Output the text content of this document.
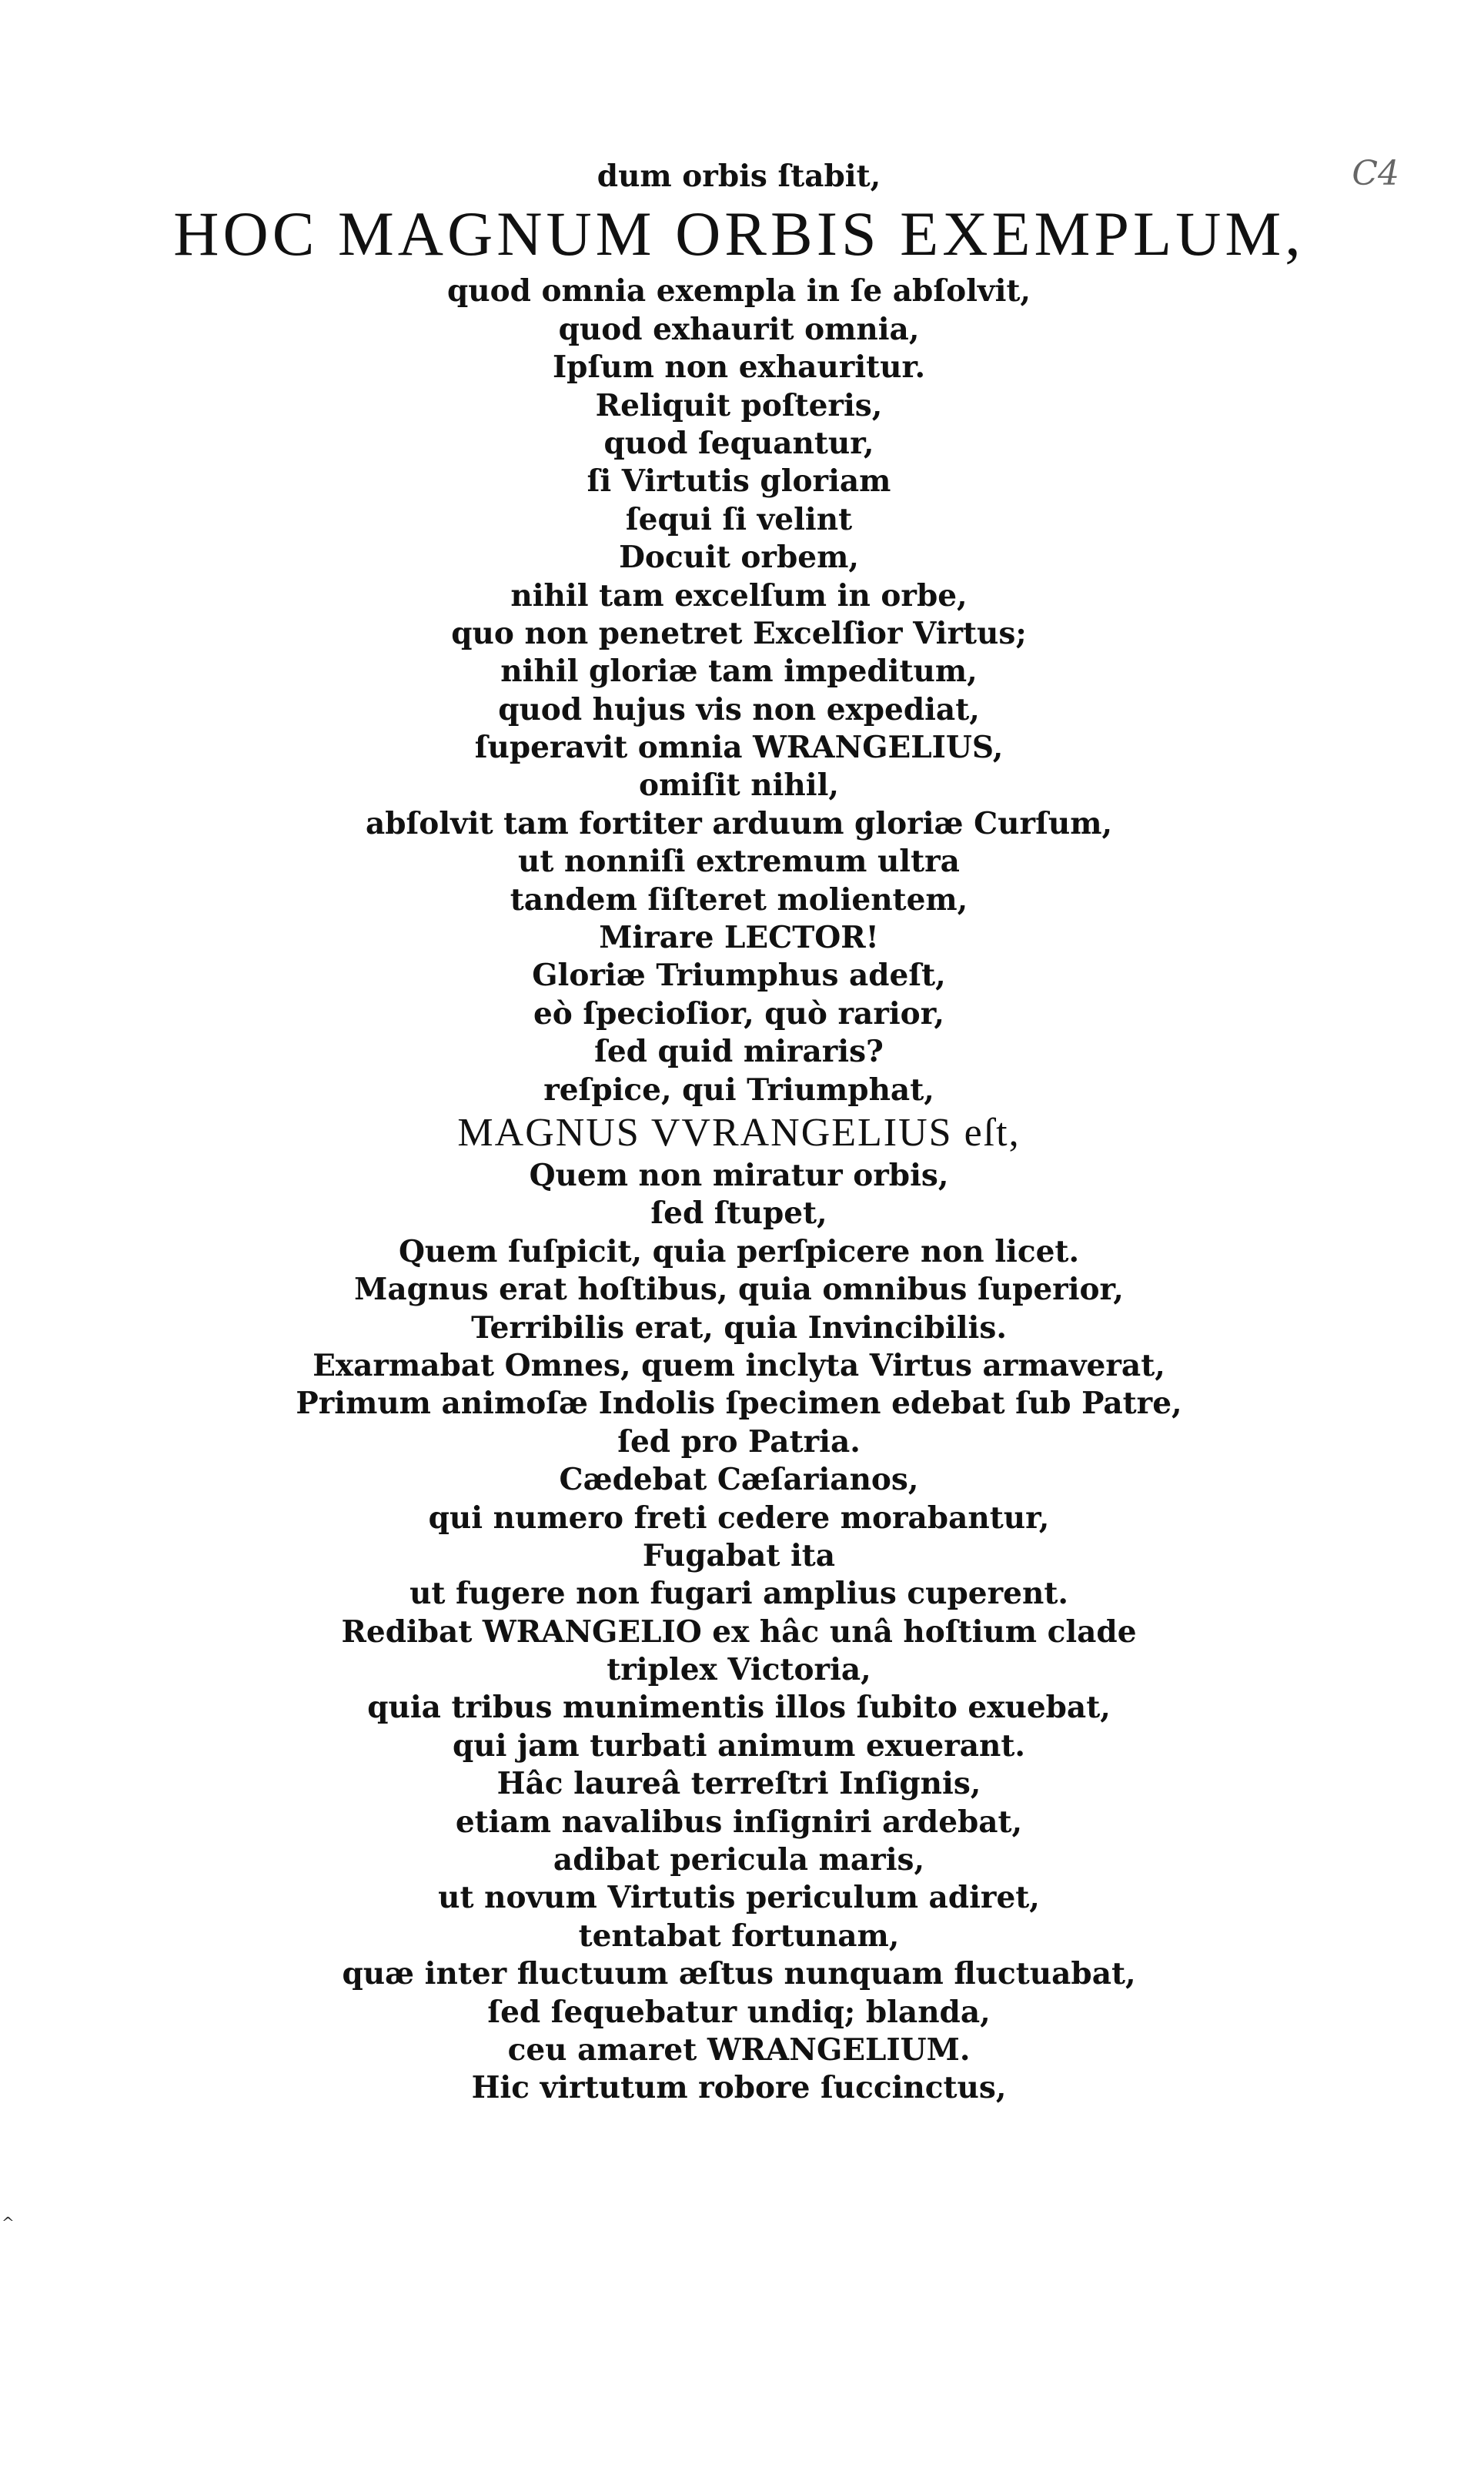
C4
^
dum orbis ſtabit,
HOC MAGNUM ORBIS EXEMPLUM,
quod omnia exempla in ſe abſolvit,
quod exhaurit omnia,
Ipſum non exhauritur.
Reliquit poſteris,
quod ſequantur,
ſi Virtutis gloriam
ſequi ſi velint
Docuit orbem,
nihil tam excelſum in orbe,
quo non penetret Excelſior Virtus;
nihil gloriæ tam impeditum,
quod hujus vis non expediat,
ſuperavit omnia WRANGELIUS,
omiſit nihil,
abſolvit tam fortiter arduum gloriæ Curſum,
ut nonniſi extremum ultra
tandem ſiſteret molientem,
Mirare LECTOR!
Gloriæ Triumphus adeſt,
eò ſpecioſior, quò rarior,
ſed quid miraris?
reſpice, qui Triumphat,
MAGNUS VVRANGELIUS eſt,
Quem non miratur orbis,
ſed ſtupet,
Quem ſuſpicit, quia perſpicere non licet.
Magnus erat hoſtibus, quia omnibus ſuperior,
Terribilis erat, quia Invincibilis.
Exarmabat Omnes, quem inclyta Virtus armaverat,
Primum animoſæ Indolis ſpecimen edebat ſub Patre,
ſed pro Patria.
Cædebat Cæſarianos,
qui numero freti cedere morabantur,
Fugabat ita
ut fugere non fugari amplius cuperent.
Redibat WRANGELIO ex hâc unâ hoſtium clade
triplex Victoria,
quia tribus munimentis illos ſubito exuebat,
qui jam turbati animum exuerant.
Hâc laureâ terreſtri Inſignis,
etiam navalibus inſigniri ardebat,
adibat pericula maris,
ut novum Virtutis periculum adiret,
tentabat fortunam,
quæ inter fluctuum æſtus nunquam fluctuabat,
ſed ſequebatur undiq; blanda,
ceu amaret WRANGELIUM.
Hic virtutum robore ſuccinctus,
